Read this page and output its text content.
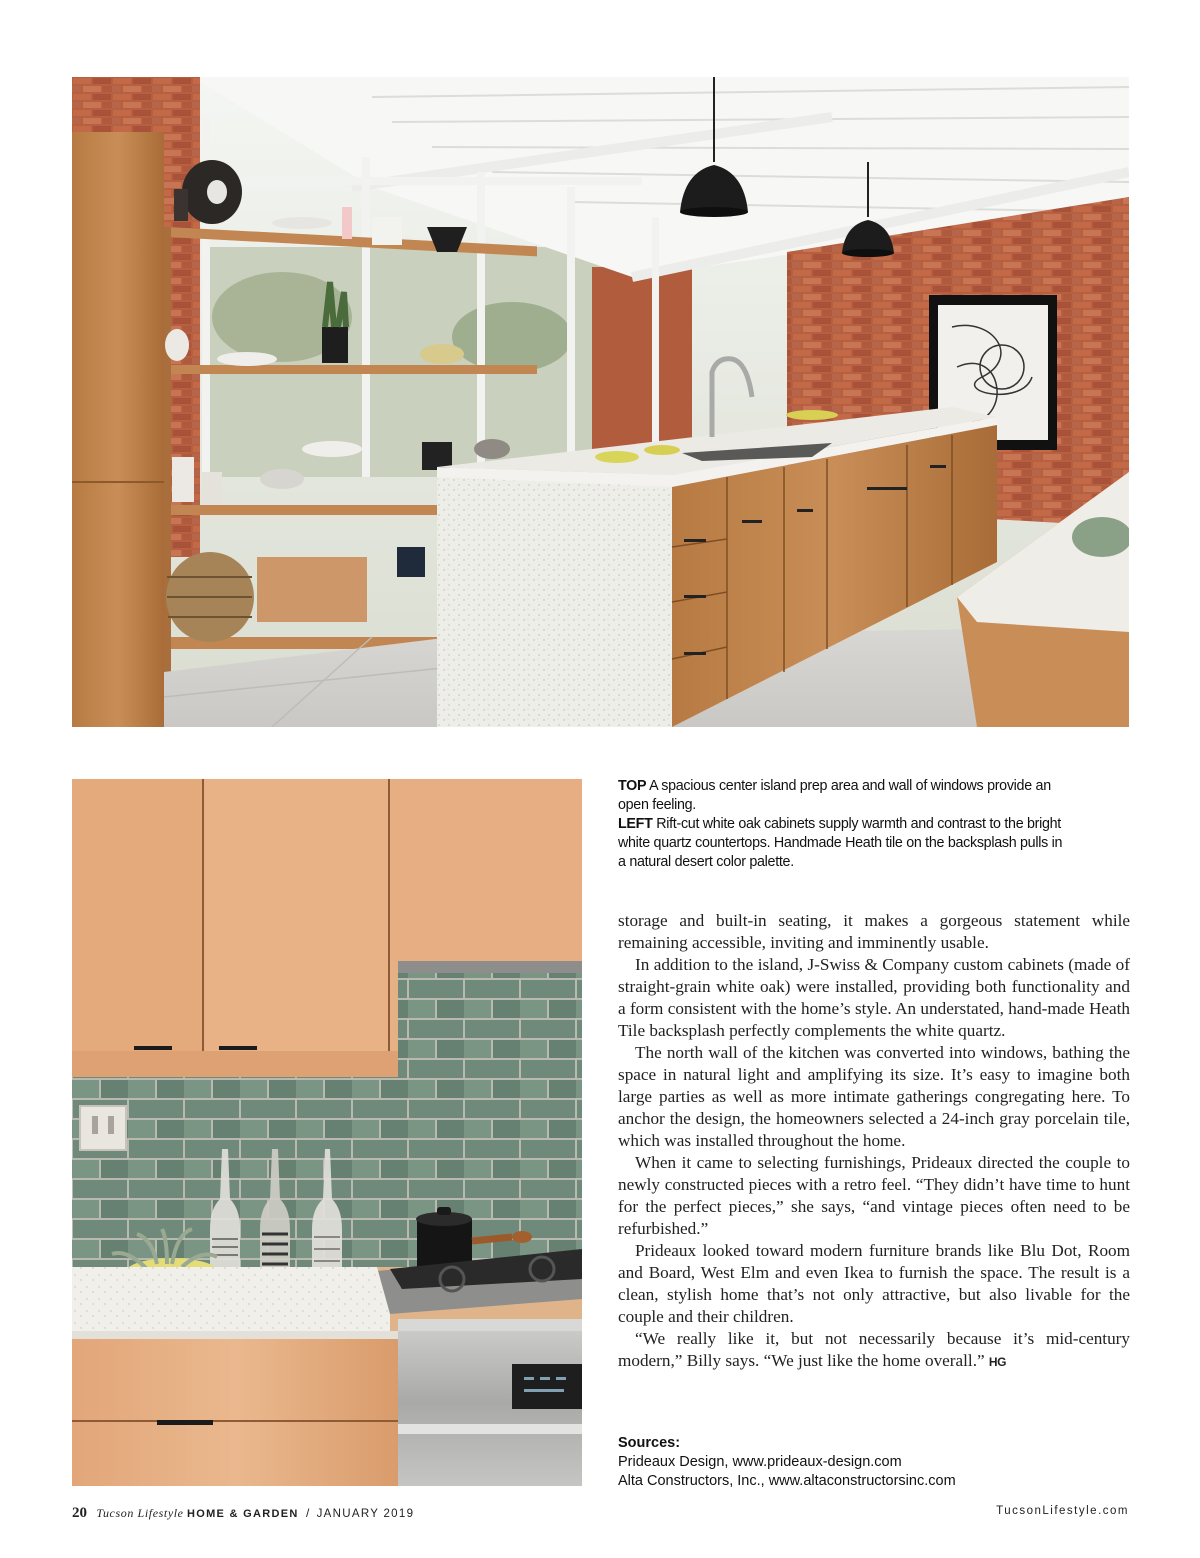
TOP A spacious center island prep area and wall of windows provide an open feeling.

LEFT Rift-cut white oak cabinets supply warmth and contrast to the bright white quartz countertops. Handmade Heath tile on the backsplash pulls in a natural desert color palette.

storage and built-in seating, it makes a gorgeous statement while remaining accessible, inviting and imminently usable.

In addition to the island, J-Swiss & Company custom cabinets (made of straight-grain white oak) were installed, providing both functionality and a form consistent with the home’s style. An understated, hand-made Heath Tile backsplash perfectly complements the white quartz.

The north wall of the kitchen was converted into windows, bathing the space in natural light and amplifying its size. It’s easy to imagine both large parties as well as more intimate gatherings congregating here. To anchor the design, the homeowners selected a 24-inch gray porcelain tile, which was installed throughout the home.

When it came to selecting furnishings, Prideaux directed the couple to newly constructed pieces with a retro feel. “They didn’t have time to hunt for the perfect pieces,” she says, “and vintage pieces often need to be refurbished.”

Prideaux looked toward modern furniture brands like Blu Dot, Room and Board, West Elm and even Ikea to furnish the space. The result is a clean, stylish home that’s not only attractive, but also livable for the couple and their children.

“We really like it, but not necessarily because it’s mid-century modern,” Billy says. “We just like the home overall.” HG

Sources:
Prideaux Design, www.prideaux-design.com
Alta Constructors, Inc., www.altaconstructorsinc.com
20 Tucson Lifestyle HOME & GARDEN / JANUARY 2019	TucsonLifestyle.com
